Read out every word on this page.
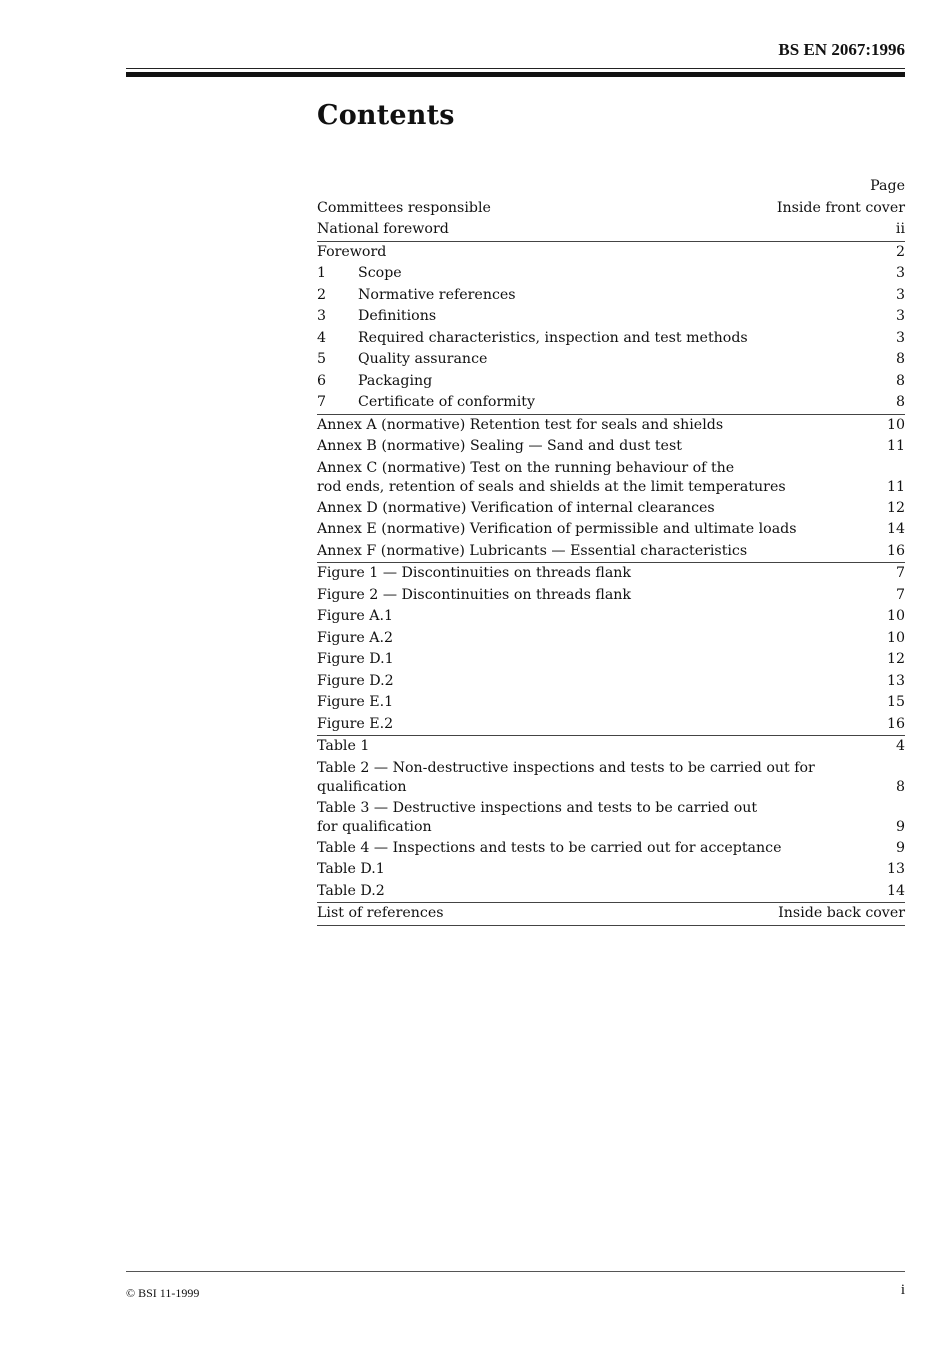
BS EN 2067:1996
Contents
Page
Committees responsible	Inside front cover
National foreword	ii
Foreword	2
1	Scope	3
2	Normative references	3
3	Definitions	3
4	Required characteristics, inspection and test methods	3
5	Quality assurance	8
6	Packaging	8
7	Certificate of conformity	8
Annex A (normative) Retention test for seals and shields	10
Annex B (normative) Sealing — Sand and dust test	11
Annex C (normative) Test on the running behaviour of the
rod ends, retention of seals and shields at the limit temperatures	11
Annex D (normative) Verification of internal clearances	12
Annex E (normative) Verification of permissible and ultimate loads	14
Annex F (normative) Lubricants — Essential characteristics	16
Figure 1 — Discontinuities on threads flank	7
Figure 2 — Discontinuities on threads flank	7
Figure A.1	10
Figure A.2	10
Figure D.1	12
Figure D.2	13
Figure E.1	15
Figure E.2	16
Table 1	4
Table 2 — Non-destructive inspections and tests to be carried out for
qualification	8
Table 3 — Destructive inspections and tests to be carried out
for qualification	9
Table 4 — Inspections and tests to be carried out for acceptance	9
Table D.1	13
Table D.2	14
List of references	Inside back cover
© BSI 11-1999	i
